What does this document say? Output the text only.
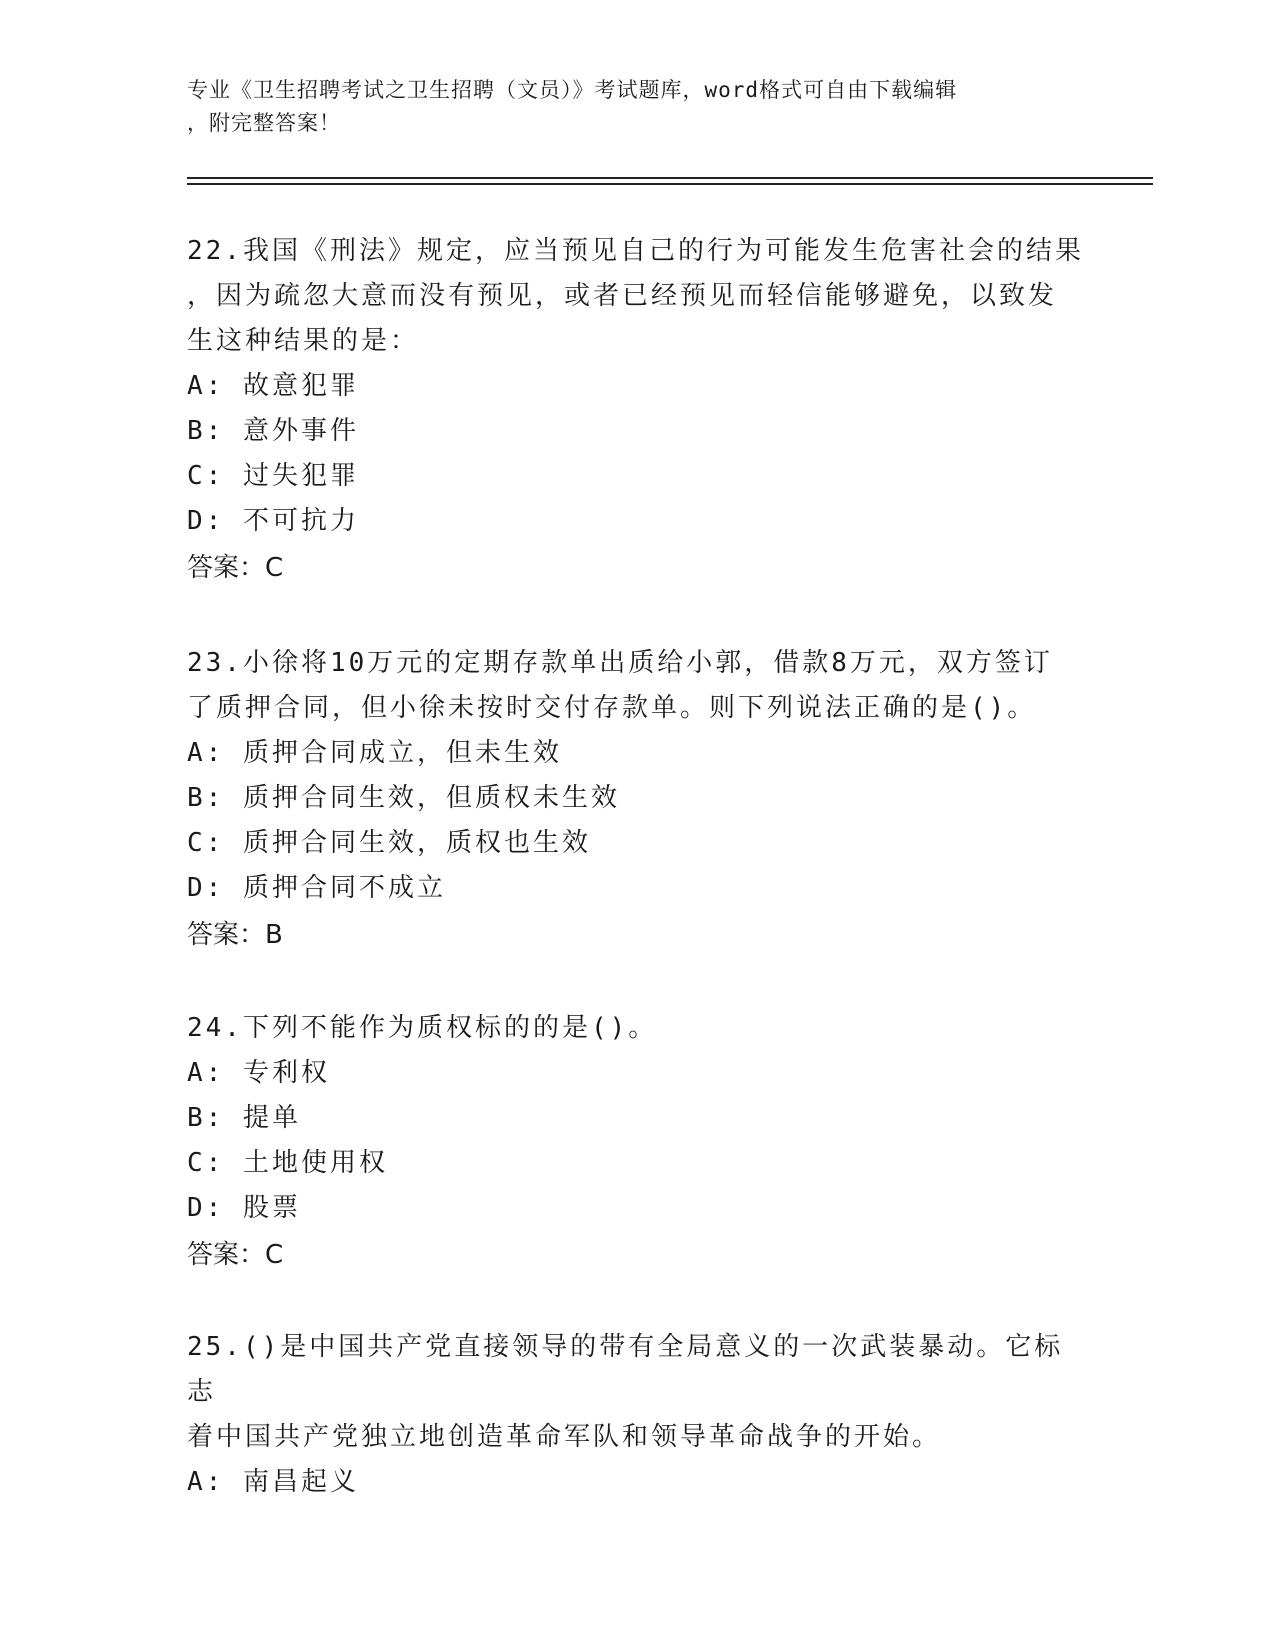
专业《卫生招聘考试之卫生招聘（文员）》考试题库，word格式可自由下载编辑
，附完整答案！
22.我国《刑法》规定，应当预见自己的行为可能发生危害社会的结果
，因为疏忽大意而没有预见，或者已经预见而轻信能够避免，以致发
生这种结果的是：
A: 故意犯罪
B: 意外事件
C: 过失犯罪
D: 不可抗力
答案：C
23.小徐将10万元的定期存款单出质给小郭，借款8万元，双方签订
了质押合同，但小徐未按时交付存款单。则下列说法正确的是()。
A: 质押合同成立，但未生效
B: 质押合同生效，但质权未生效
C: 质押合同生效，质权也生效
D: 质押合同不成立
答案：B
24.下列不能作为质权标的的是()。
A: 专利权
B: 提单
C: 土地使用权
D: 股票
答案：C
25.()是中国共产党直接领导的带有全局意义的一次武装暴动。它标志
着中国共产党独立地创造革命军队和领导革命战争的开始。
A: 南昌起义
